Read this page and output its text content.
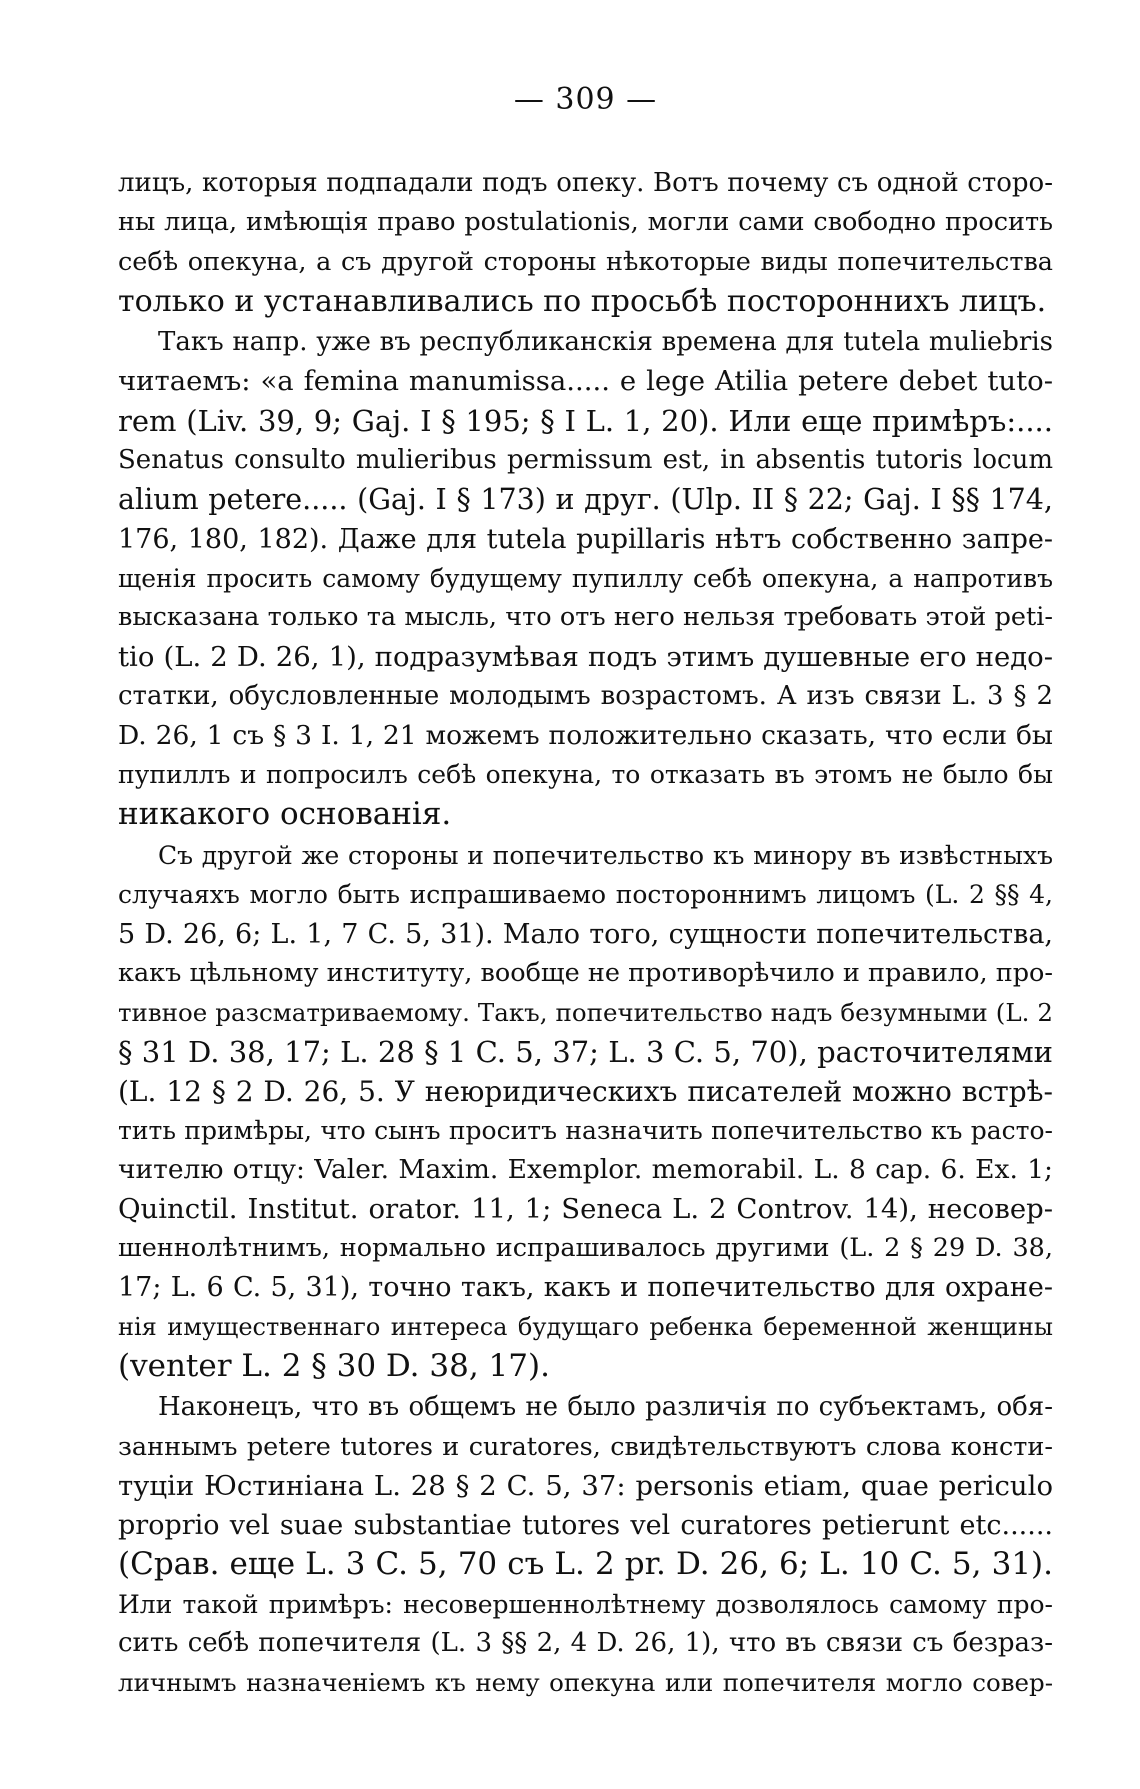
— 309 —
лицъ, которыя подпадали подъ опеку. Вотъ почему съ одной сторо-
ны лица, имѣющія право postulationis, могли сами свободно просить
себѣ опекуна, а съ другой стороны нѣкоторые виды попечительства
только и устанавливались по просьбѣ постороннихъ лицъ.
Такъ напр. уже въ республиканскія времена для tutela muliebris
читаемъ: «a femina manumissa..... e lege Atilia petere debet tuto-
rem (Liv. 39, 9; Gaj. I § 195; § I L. 1, 20). Или еще примѣръ:....
Senatus consulto mulieribus permissum est, in absentis tutoris locum
alium petere..... (Gaj. I § 173) и друг. (Ulp. II § 22; Gaj. I §§ 174,
176, 180, 182). Даже для tutela pupillaris нѣтъ собственно запре-
щенія просить самому будущему пупиллу себѣ опекуна, а напротивъ
высказана только та мысль, что отъ него нельзя требовать этой peti-
tio (L. 2 D. 26, 1), подразумѣвая подъ этимъ душевные его недо-
статки, обусловленные молодымъ возрастомъ. А изъ связи L. 3 § 2
D. 26, 1 съ § 3 I. 1, 21 можемъ положительно сказать, что если бы
пупиллъ и попросилъ себѣ опекуна, то отказать въ этомъ не было бы
никакого основанія.
Съ другой же стороны и попечительство къ минору въ извѣстныхъ
случаяхъ могло быть испрашиваемо постороннимъ лицомъ (L. 2 §§ 4,
5 D. 26, 6; L. 1, 7 C. 5, 31). Мало того, сущности попечительства,
какъ цѣльному институту, вообще не противорѣчило и правило, про-
тивное разсматриваемому. Такъ, попечительство надъ безумными (L. 2
§ 31 D. 38, 17; L. 28 § 1 C. 5, 37; L. 3 C. 5, 70), расточителями
(L. 12 § 2 D. 26, 5. У неюридическихъ писателей можно встрѣ-
тить примѣры, что сынъ проситъ назначить попечительство къ расто-
чителю отцу: Valer. Maxim. Exemplor. memorabil. L. 8 cap. 6. Ex. 1;
Quinctil. Institut. orator. 11, 1; Seneca L. 2 Controv. 14), несовер-
шеннолѣтнимъ, нормально испрашивалось другими (L. 2 § 29 D. 38,
17; L. 6 C. 5, 31), точно такъ, какъ и попечительство для охране-
нія имущественнаго интереса будущаго ребенка беременной женщины
(venter L. 2 § 30 D. 38, 17).
Наконецъ, что въ общемъ не было различія по субъектамъ, обя-
заннымъ petere tutores и curatores, свидѣтельствуютъ слова консти-
туціи Юстиніана L. 28 § 2 C. 5, 37: personis etiam, quae periculo
proprio vel suae substantiae tutores vel curatores petierunt etc......
(Срав. еще L. 3 C. 5, 70 съ L. 2 pr. D. 26, 6; L. 10 C. 5, 31).
Или такой примѣръ: несовершеннолѣтнему дозволялось самому про-
сить себѣ попечителя (L. 3 §§ 2, 4 D. 26, 1), что въ связи съ безраз-
личнымъ назначеніемъ къ нему опекуна или попечителя могло совер-
